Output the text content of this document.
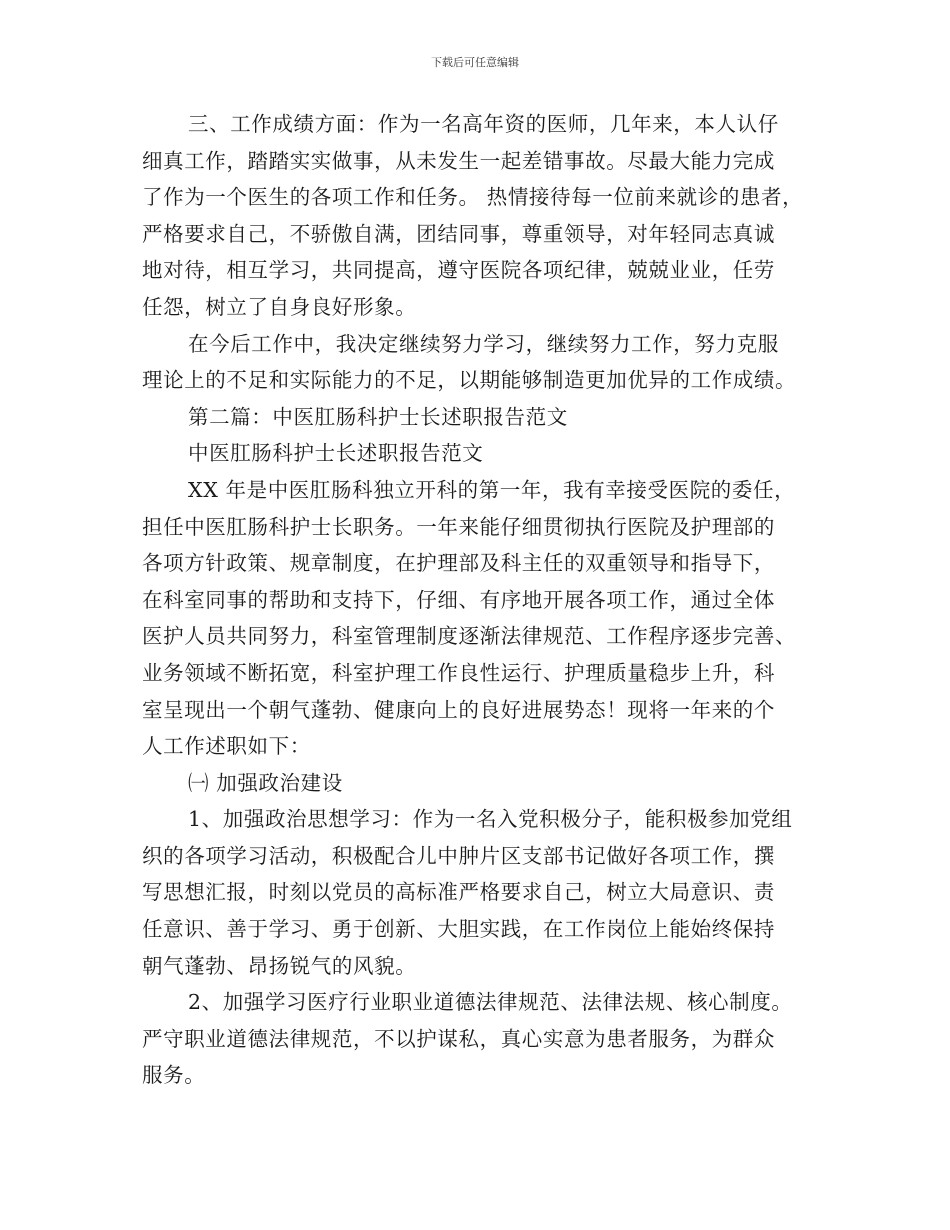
下载后可任意编辑
三、工作成绩方面：作为一名高年资的医师，几年来，本人认仔
细真工作，踏踏实实做事，从未发生一起差错事故。尽最大能力完成
了作为一个医生的各项工作和任务。 热情接待每一位前来就诊的患者，
严格要求自己，不骄傲自满，团结同事，尊重领导，对年轻同志真诚
地对待，相互学习，共同提高，遵守医院各项纪律，兢兢业业，任劳
任怨，树立了自身良好形象。
在今后工作中，我决定继续努力学习，继续努力工作，努力克服
理论上的不足和实际能力的不足，以期能够制造更加优异的工作成绩。
第二篇：中医肛肠科护士长述职报告范文
中医肛肠科护士长述职报告范文
XX 年是中医肛肠科独立开科的第一年，我有幸接受医院的委任，
担任中医肛肠科护士长职务。一年来能仔细贯彻执行医院及护理部的
各项方针政策、规章制度，在护理部及科主任的双重领导和指导下，
在科室同事的帮助和支持下，仔细、有序地开展各项工作，通过全体
医护人员共同努力，科室管理制度逐渐法律规范、工作程序逐步完善、
业务领域不断拓宽，科室护理工作良性运行、护理质量稳步上升，科
室呈现出一个朝气蓬勃、健康向上的良好进展势态！现将一年来的个
人工作述职如下：
㈠ 加强政治建设
1、加强政治思想学习：作为一名入党积极分子，能积极参加党组
织的各项学习活动，积极配合儿中肿片区支部书记做好各项工作，撰
写思想汇报，时刻以党员的高标准严格要求自己，树立大局意识、责
任意识、善于学习、勇于创新、大胆实践，在工作岗位上能始终保持
朝气蓬勃、昂扬锐气的风貌。
2、加强学习医疗行业职业道德法律规范、法律法规、核心制度。
严守职业道德法律规范，不以护谋私，真心实意为患者服务，为群众
服务。
